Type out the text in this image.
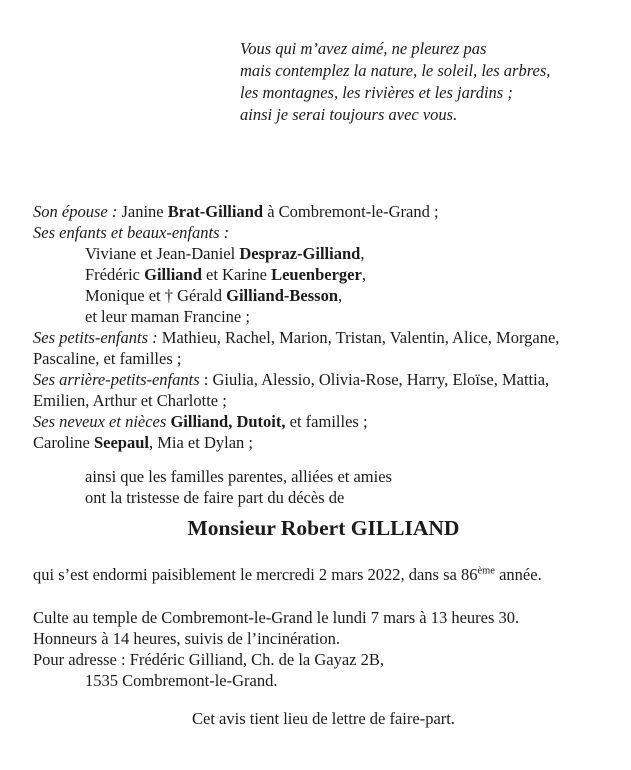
Vous qui m’avez aimé, ne pleurez pas
mais contemplez la nature, le soleil, les arbres,
les montagnes, les rivières et les jardins ;
ainsi je serai toujours avec vous.
Son épouse : Janine Brat-Gilliand à Combremont-le-Grand ;
Ses enfants et beaux-enfants :
Viviane et Jean-Daniel Despraz-Gilliand,
Frédéric Gilliand et Karine Leuenberger,
Monique et † Gérald Gilliand-Besson,
et leur maman Francine ;
Ses petits-enfants : Mathieu, Rachel, Marion, Tristan, Valentin, Alice, Morgane,
Pascaline, et familles ;
Ses arrière-petits-enfants : Giulia, Alessio, Olivia-Rose, Harry, Eloïse, Mattia,
Emilien, Arthur et Charlotte ;
Ses neveux et nièces Gilliand, Dutoit, et familles ;
Caroline Seepaul, Mia et Dylan ;
ainsi que les familles parentes, alliées et amies
ont la tristesse de faire part du décès de
Monsieur Robert GILLIAND
qui s’est endormi paisiblement le mercredi 2 mars 2022, dans sa 86ème année.
Culte au temple de Combremont-le-Grand le lundi 7 mars à 13 heures 30.
Honneurs à 14 heures, suivis de l’incinération.
Pour adresse : Frédéric Gilliand, Ch. de la Gayaz 2B,
1535 Combremont-le-Grand.
Cet avis tient lieu de lettre de faire-part.
